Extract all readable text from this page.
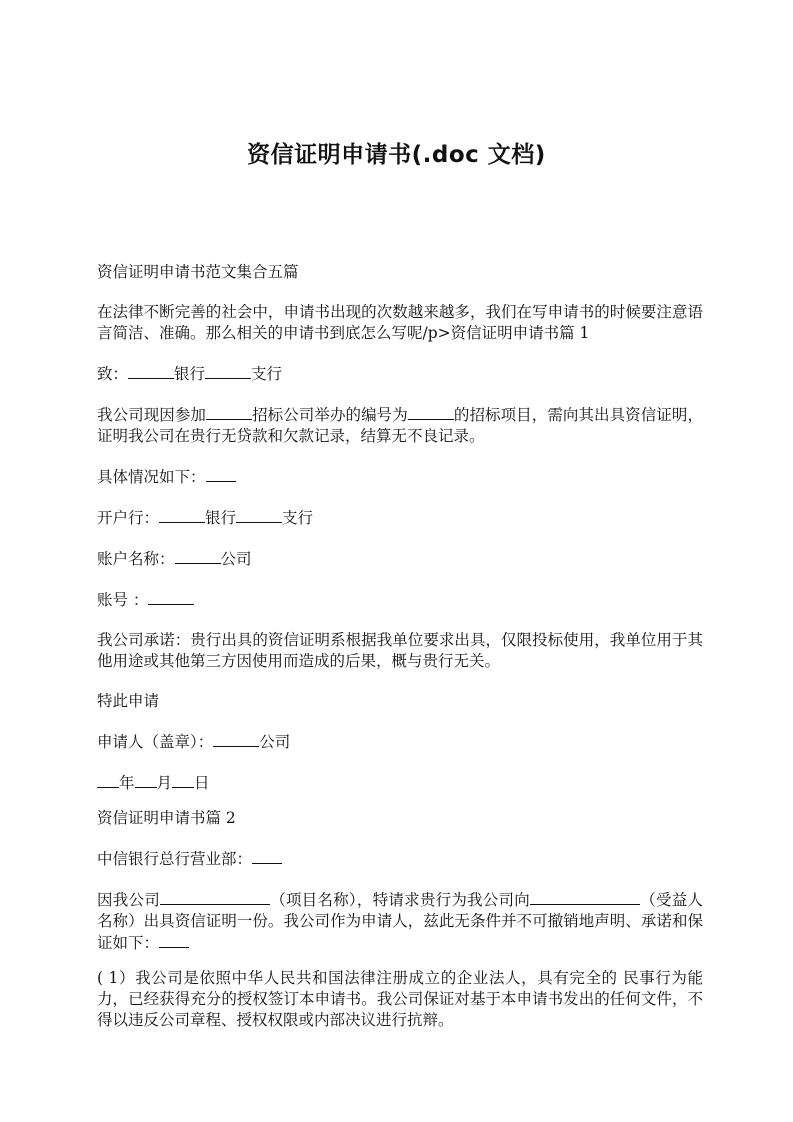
资信证明申请书(.doc 文档)

资信证明申请书范文集合五篇

在法律不断完善的社会中，申请书出现的次数越来越多，我们在写申请书的时候要注意语言简洁、准确。那么相关的申请书到底怎么写呢/p>资信证明申请书篇 1

致：	银行	支行

我公司现因参加	招标公司举办的编号为	的招标项目，需向其出具资信证明，证明我公司在贵行无贷款和欠款记录，结算无不良记录。

具体情况如下：

开户行：	银行	支行

账户名称：	公司

账号 ：

我公司承诺：贵行出具的资信证明系根据我单位要求出具，仅限投标使用，我单位用于其他用途或其他第三方因使用而造成的后果，概与贵行无关。

特此申请

申请人（盖章）：	公司

年 月 日

资信证明申请书篇 2

中信银行总行营业部：

因我公司	（项目名称），特请求贵行为我公司向	（受益人名称）出具资信证明一份。我公司作为申请人，兹此无条件并不可撤销地声明、承诺和保证如下：

( 1）我公司是依照中华人民共和国法律注册成立的企业法人，具有完全的 民事行为能力，已经获得充分的授权签订本申请书。我公司保证对基于本申请书发出的任何文件，不得以违反公司章程、授权权限或内部决议进行抗辩。
